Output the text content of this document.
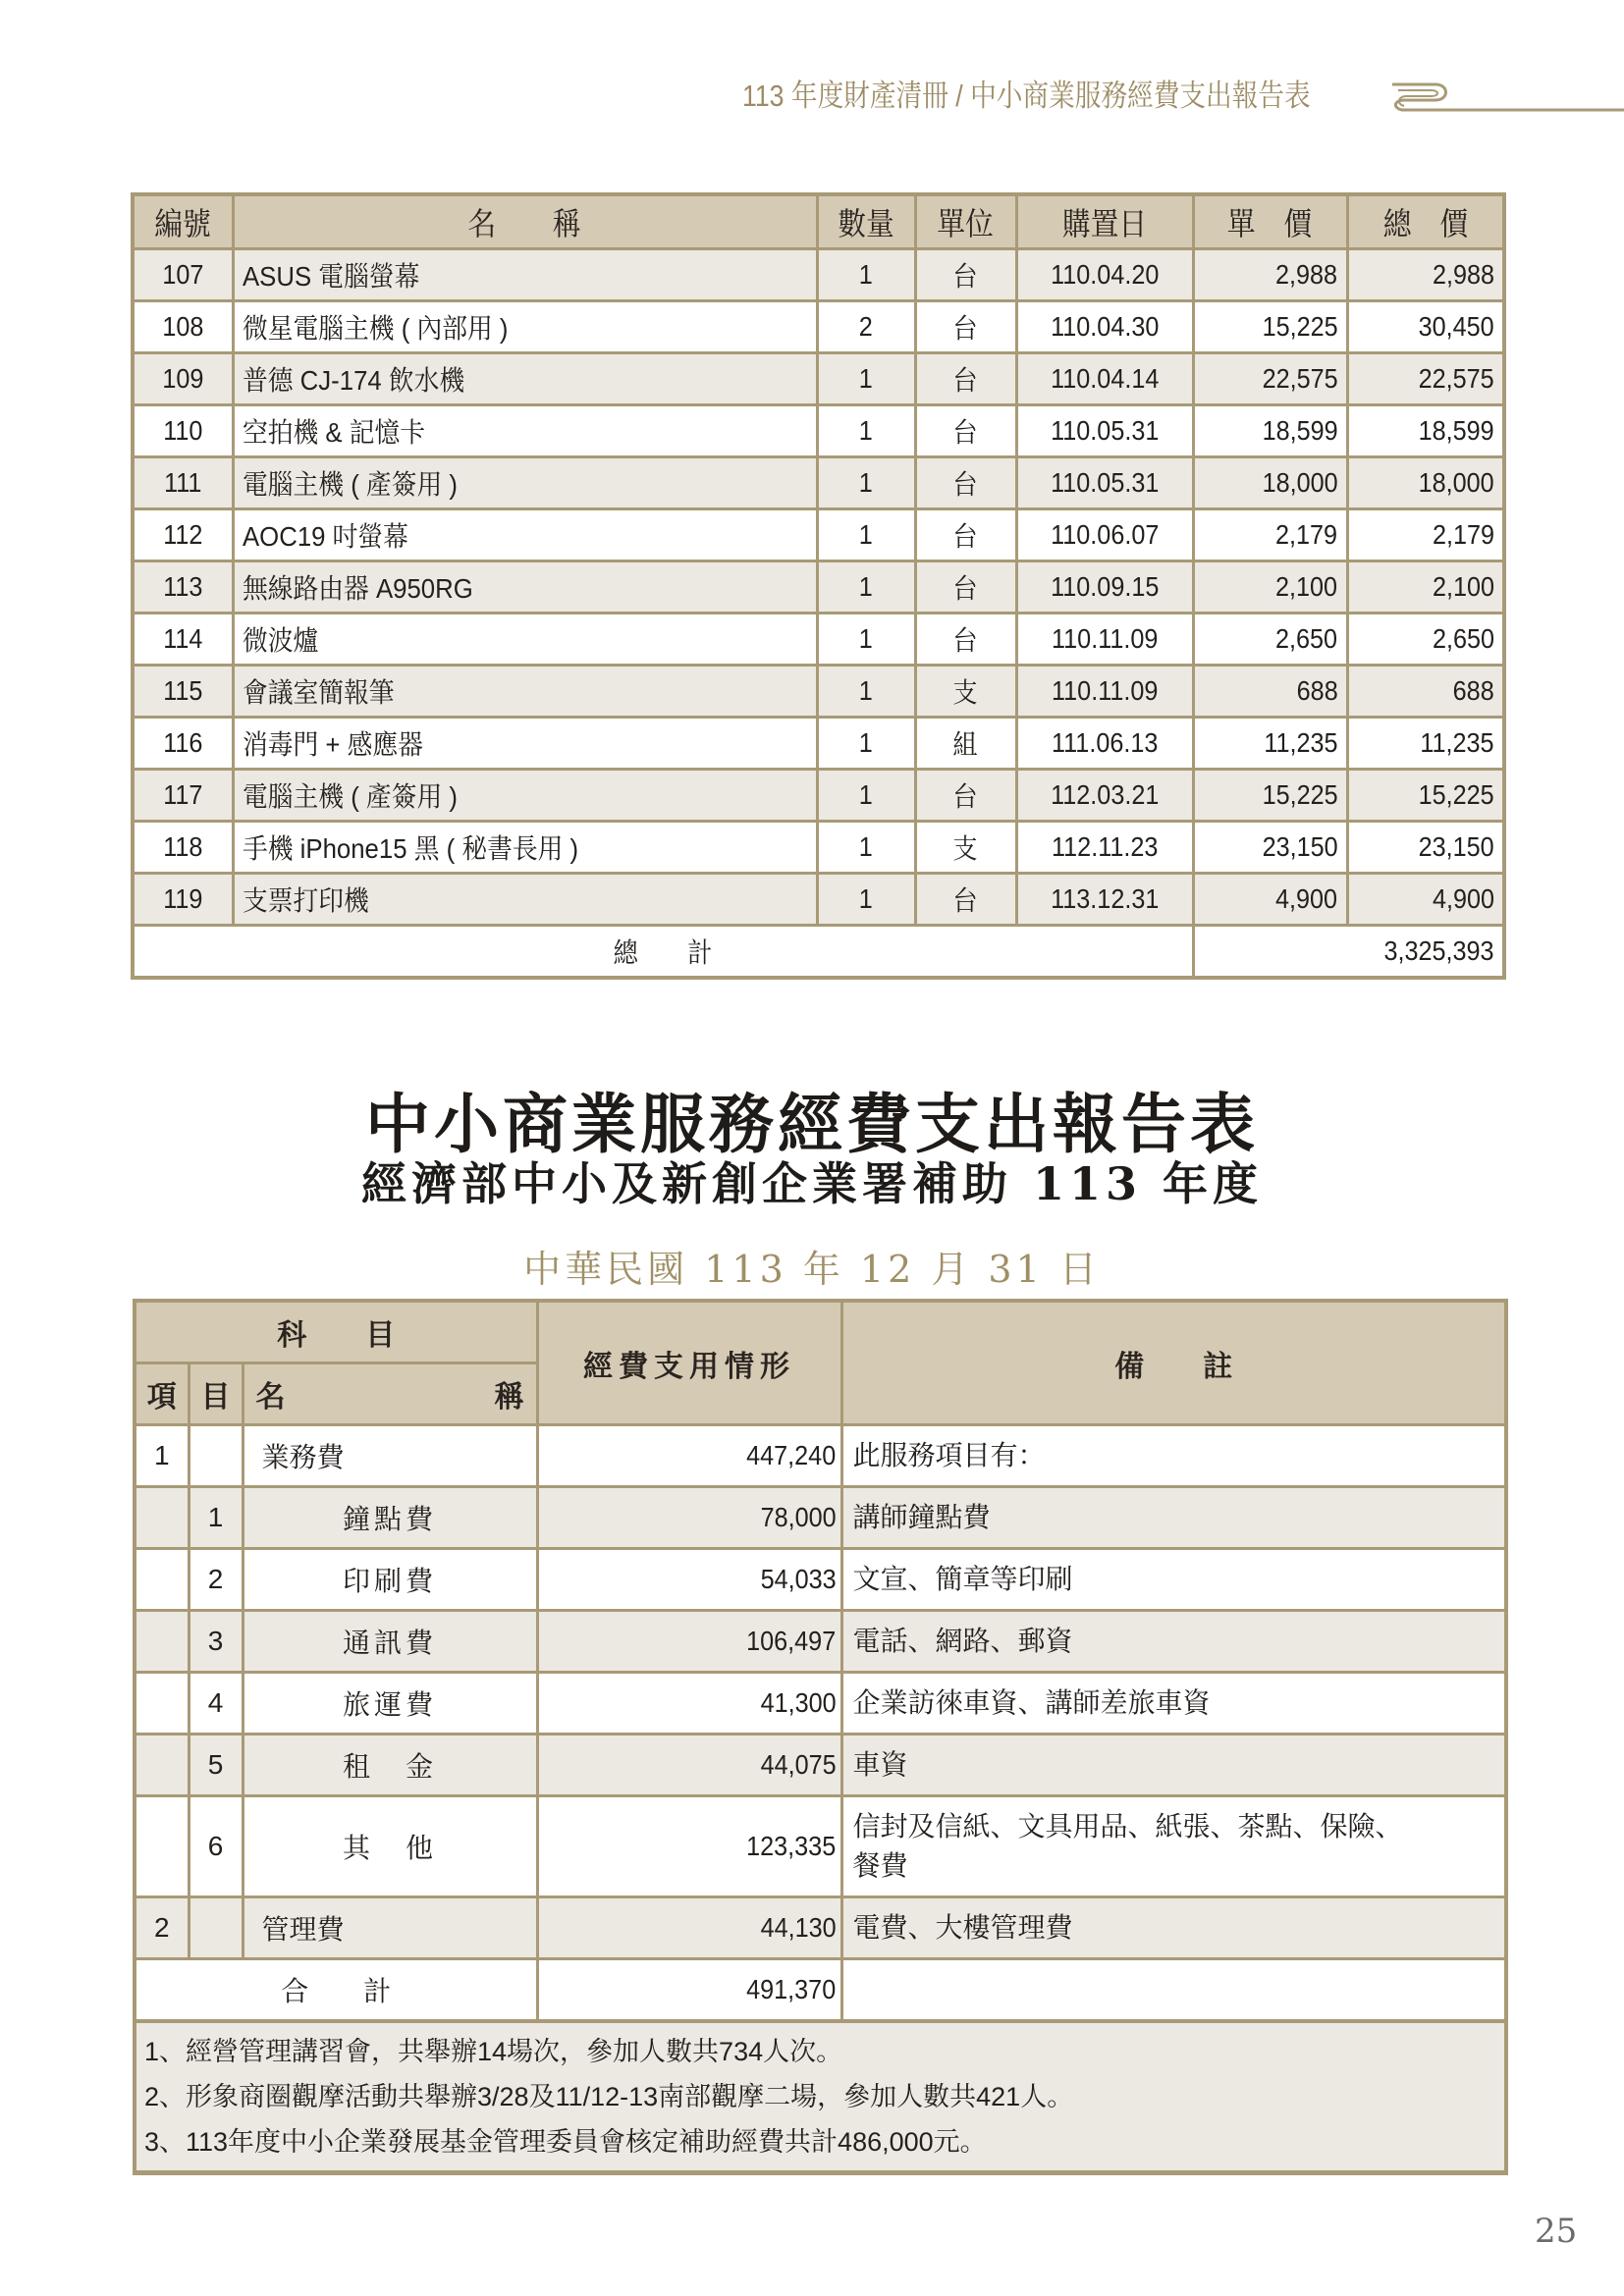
113 年度財產清冊 / 中小商業服務經費支出報告表
編號	名　　稱	數量	單位	購置日	單　價	總　價
107	ASUS 電腦螢幕	1	台	110.04.20	2,988	2,988
108	微星電腦主機 ( 內部用 )	2	台	110.04.30	15,225	30,450
109	普德 CJ-174 飲水機	1	台	110.04.14	22,575	22,575
110	空拍機 & 記憶卡	1	台	110.05.31	18,599	18,599
111	電腦主機 ( 產簽用 )	1	台	110.05.31	18,000	18,000
112	AOC19 吋螢幕	1	台	110.06.07	2,179	2,179
113	無線路由器 A950RG	1	台	110.09.15	2,100	2,100
114	微波爐	1	台	110.11.09	2,650	2,650
115	會議室簡報筆	1	支	110.11.09	688	688
116	消毒門 + 感應器	1	組	111.06.13	11,235	11,235
117	電腦主機 ( 產簽用 )	1	台	112.03.21	15,225	15,225
118	手機 iPhone15 黑 ( 秘書長用 )	1	支	112.11.23	23,150	23,150
119	支票打印機	1	台	113.12.31	4,900	4,900
總　　計					3,325,393	
中小商業服務經費支出報告表
經濟部中小及新創企業署補助 113 年度
中華民國 113 年 12 月 31 日
科　　目			經費支用情形	備　　註
項	目	名 稱		

1		業務費	447,240	此服務項目有：
	1	鐘點費	78,000	講師鐘點費
	2	印刷費	54,033	文宣、簡章等印刷
	3	通訊費	106,497	電話、網路、郵資
	4	旅運費	41,300	企業訪徠車資、講師差旅車資
	5	租　金	44,075	車資
	6	其　他	123,335	信封及信紙、文具用品、紙張、茶點、保險、餐費
2		管理費	44,130	電費、大樓管理費
合　　計			491,370	

1、經營管理講習會，共舉辦14場次，參加人數共734人次。
2、形象商圈觀摩活動共舉辦3/28及11/12-13南部觀摩二場，參加人數共421人。
3、113年度中小企業發展基金管理委員會核定補助經費共計486,000元。				
25
